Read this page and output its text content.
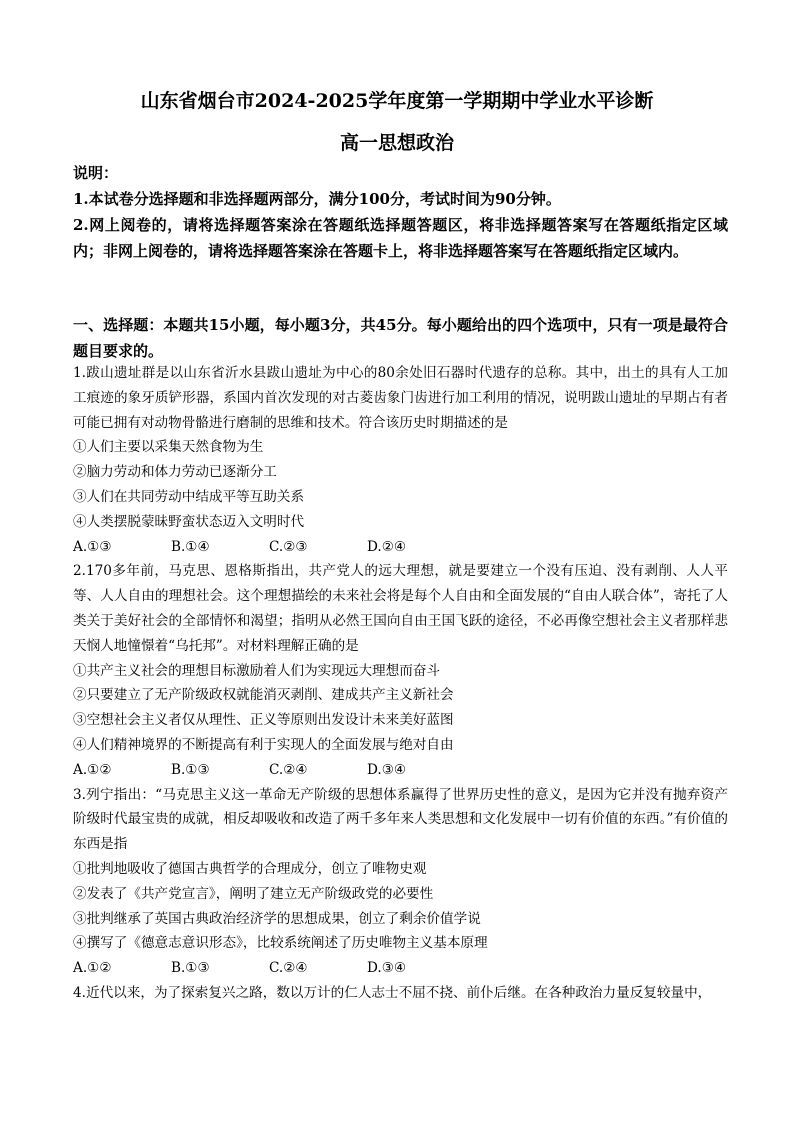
山东省烟台市2024-2025学年度第一学期期中学业水平诊断
高一思想政治
说明：
1.本试卷分选择题和非选择题两部分，满分100分，考试时间为90分钟。
2.网上阅卷的，请将选择题答案涂在答题纸选择题答题区，将非选择题答案写在答题纸指定区域内；非网上阅卷的，请将选择题答案涂在答题卡上，将非选择题答案写在答题纸指定区域内。
一、选择题：本题共15小题，每小题3分，共45分。每小题给出的四个选项中，只有一项是最符合题目要求的。
1.跋山遗址群是以山东省沂水县跋山遗址为中心的80余处旧石器时代遗存的总称。其中，出土的具有人工加工痕迹的象牙质铲形器，系国内首次发现的对古菱齿象门齿进行加工利用的情况，说明跋山遗址的早期占有者可能已拥有对动物骨骼进行磨制的思维和技术。符合该历史时期描述的是
①人们主要以采集天然食物为生
②脑力劳动和体力劳动已逐渐分工
③人们在共同劳动中结成平等互助关系
④人类摆脱蒙昧野蛮状态迈入文明时代
A.①③	B.①④	C.②③	D.②④
2.170多年前，马克思、恩格斯指出，共产党人的远大理想，就是要建立一个没有压迫、没有剥削、人人平等、人人自由的理想社会。这个理想描绘的未来社会将是每个人自由和全面发展的“自由人联合体”，寄托了人类关于美好社会的全部情怀和渴望；指明从必然王国向自由王国飞跃的途径，不必再像空想社会主义者那样悲天悯人地憧憬着“乌托邦”。对材料理解正确的是
①共产主义社会的理想目标激励着人们为实现远大理想而奋斗
②只要建立了无产阶级政权就能消灭剥削、建成共产主义新社会
③空想社会主义者仅从理性、正义等原则出发设计未来美好蓝图
④人们精神境界的不断提高有利于实现人的全面发展与绝对自由
A.①②	B.①③	C.②④	D.③④
3.列宁指出：“马克思主义这一革命无产阶级的思想体系赢得了世界历史性的意义，是因为它并没有抛弃资产阶级时代最宝贵的成就，相反却吸收和改造了两千多年来人类思想和文化发展中一切有价值的东西。”有价值的东西是指
①批判地吸收了德国古典哲学的合理成分，创立了唯物史观
②发表了《共产党宣言》，阐明了建立无产阶级政党的必要性
③批判继承了英国古典政治经济学的思想成果，创立了剩余价值学说
④撰写了《德意志意识形态》，比较系统阐述了历史唯物主义基本原理
A.①②	B.①③	C.②④	D.③④
4.近代以来，为了探索复兴之路，数以万计的仁人志士不屈不挠、前仆后继。在各种政治力量反复较量中，
